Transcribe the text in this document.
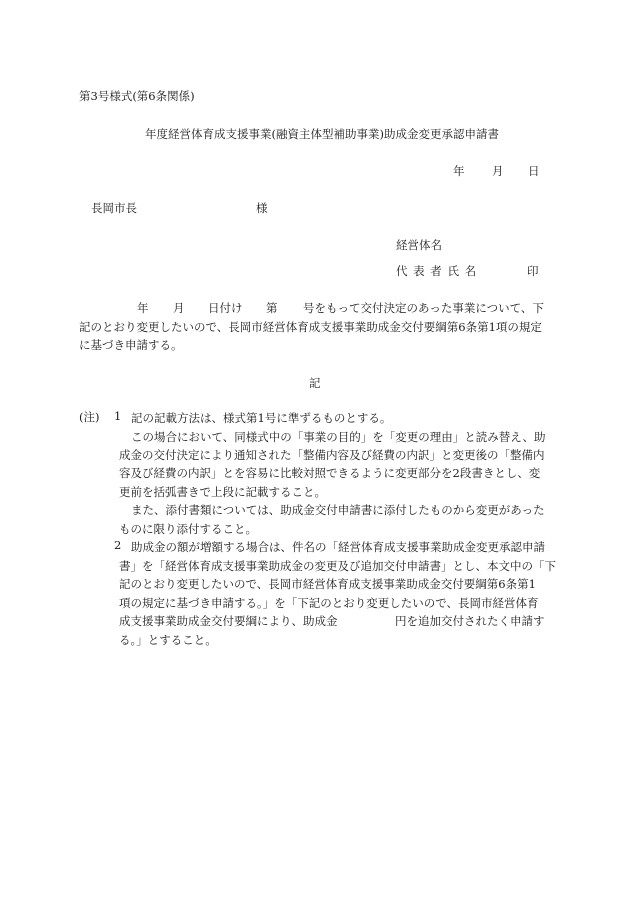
第3号様式(第6条関係)
年度経営体育成支援事業(融資主体型補助事業)助成金変更承認申請書
年 月 日
長岡市長	様
経営体名
代 表 者 氏 名	印
年 月 日付け 第 号をもって交付決定のあった事業について、下
記のとおり変更したいので、長岡市経営体育成支援事業助成金交付要綱第6条第1項の規定
に基づき申請する。
記
(注) 1 記の記載方法は、様式第1号に準ずるものとする。
この場合において、同様式中の「事業の目的」を「変更の理由」と読み替え、助
成金の交付決定により通知された「整備内容及び経費の内訳」と変更後の「整備内
容及び経費の内訳」とを容易に比較対照できるように変更部分を2段書きとし、変
更前を括弧書きで上段に記載すること。
また、添付書類については、助成金交付申請書に添付したものから変更があった
ものに限り添付すること。
2 助成金の額が増額する場合は、件名の「経営体育成支援事業助成金変更承認申請
書」を「経営体育成支援事業助成金の変更及び追加交付申請書」とし、本文中の「下
記のとおり変更したいので、長岡市経営体育成支援事業助成金交付要綱第6条第1
項の規定に基づき申請する。」を「下記のとおり変更したいので、長岡市経営体育
成支援事業助成金交付要綱により、助成金	円を追加交付されたく申請す
る。」とすること。
